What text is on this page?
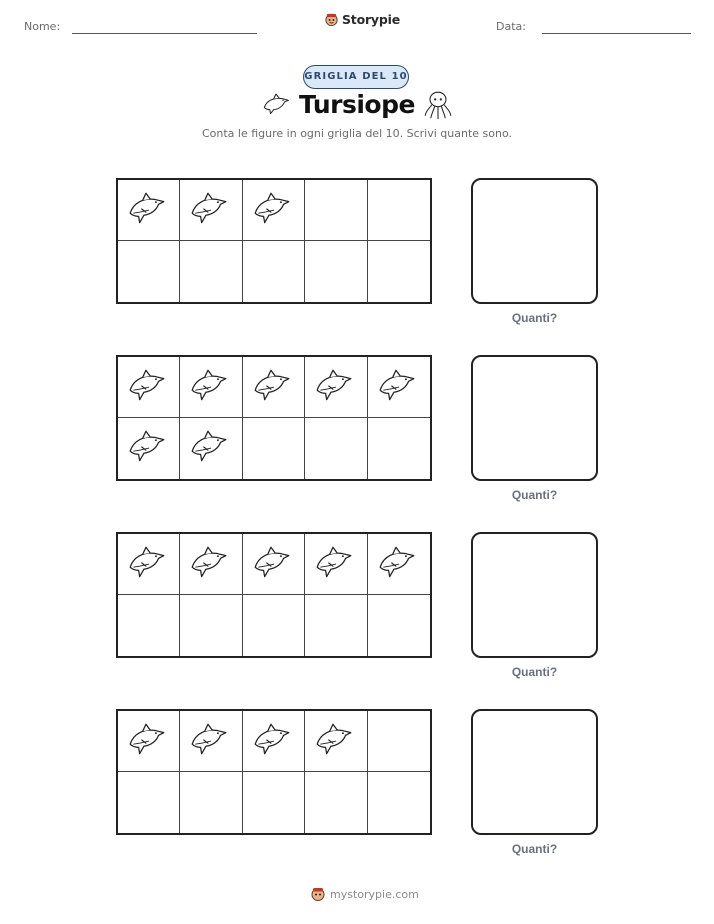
Nome:	Storypie	Data:
GRIGLIA DEL 10
Tursiope
Conta le figure in ogni griglia del 10. Scrivi quante sono.
Quanti?
Quanti?
Quanti?
Quanti?
mystorypie.com
